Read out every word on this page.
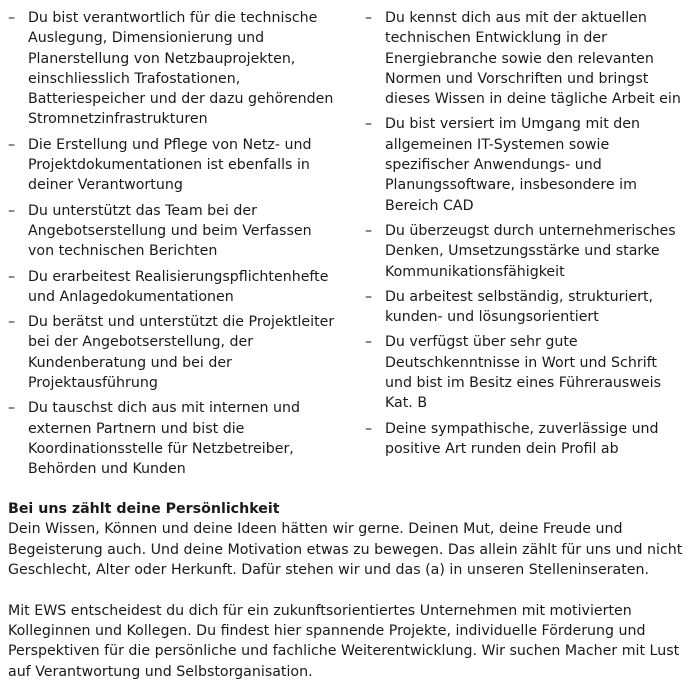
– Du bist verantwortlich für die technische Auslegung, Dimensionierung und Planerstellung von Netzbauprojekten, einschliesslich Trafostationen, Batteriespeicher und der dazu gehörenden Stromnetzinfrastrukturen
– Die Erstellung und Pflege von Netz- und Projektdokumentationen ist ebenfalls in deiner Verantwortung
– Du unterstützt das Team bei der Angebotserstellung und beim Verfassen von technischen Berichten
– Du erarbeitest Realisierungspflichtenhefte und Anlagedokumentationen
– Du berätst und unterstützt die Projektleiter bei der Angebotserstellung, der Kundenberatung und bei der Projektausführung
– Du tauschst dich aus mit internen und externen Partnern und bist die Koordinationsstelle für Netzbetreiber, Behörden und Kunden
– Du kennst dich aus mit der aktuellen technischen Entwicklung in der Energiebranche sowie den relevanten Normen und Vorschriften und bringst dieses Wissen in deine tägliche Arbeit ein
– Du bist versiert im Umgang mit den allgemeinen IT-Systemen sowie spezifischer Anwendungs- und Planungssoftware, insbesondere im Bereich CAD
– Du überzeugst durch unternehmerisches Denken, Umsetzungsstärke und starke Kommunikationsfähigkeit
– Du arbeitest selbständig, strukturiert, kunden- und lösungsorientiert
– Du verfügst über sehr gute Deutschkenntnisse in Wort und Schrift und bist im Besitz eines Führerausweis Kat. B
– Deine sympathische, zuverlässige und positive Art runden dein Profil ab
Bei uns zählt deine Persönlichkeit

Dein Wissen, Können und deine Ideen hätten wir gerne. Deinen Mut, deine Freude und Begeisterung auch. Und deine Motivation etwas zu bewegen. Das allein zählt für uns und nicht Geschlecht, Alter oder Herkunft. Dafür stehen wir und das (a) in unseren Stelleninseraten.

Mit EWS entscheidest du dich für ein zukunftsorientiertes Unternehmen mit motivierten Kolleginnen und Kollegen. Du findest hier spannende Projekte, individuelle Förderung und Perspektiven für die persönliche und fachliche Weiterentwicklung. Wir suchen Macher mit Lust auf Verantwortung und Selbstorganisation.
